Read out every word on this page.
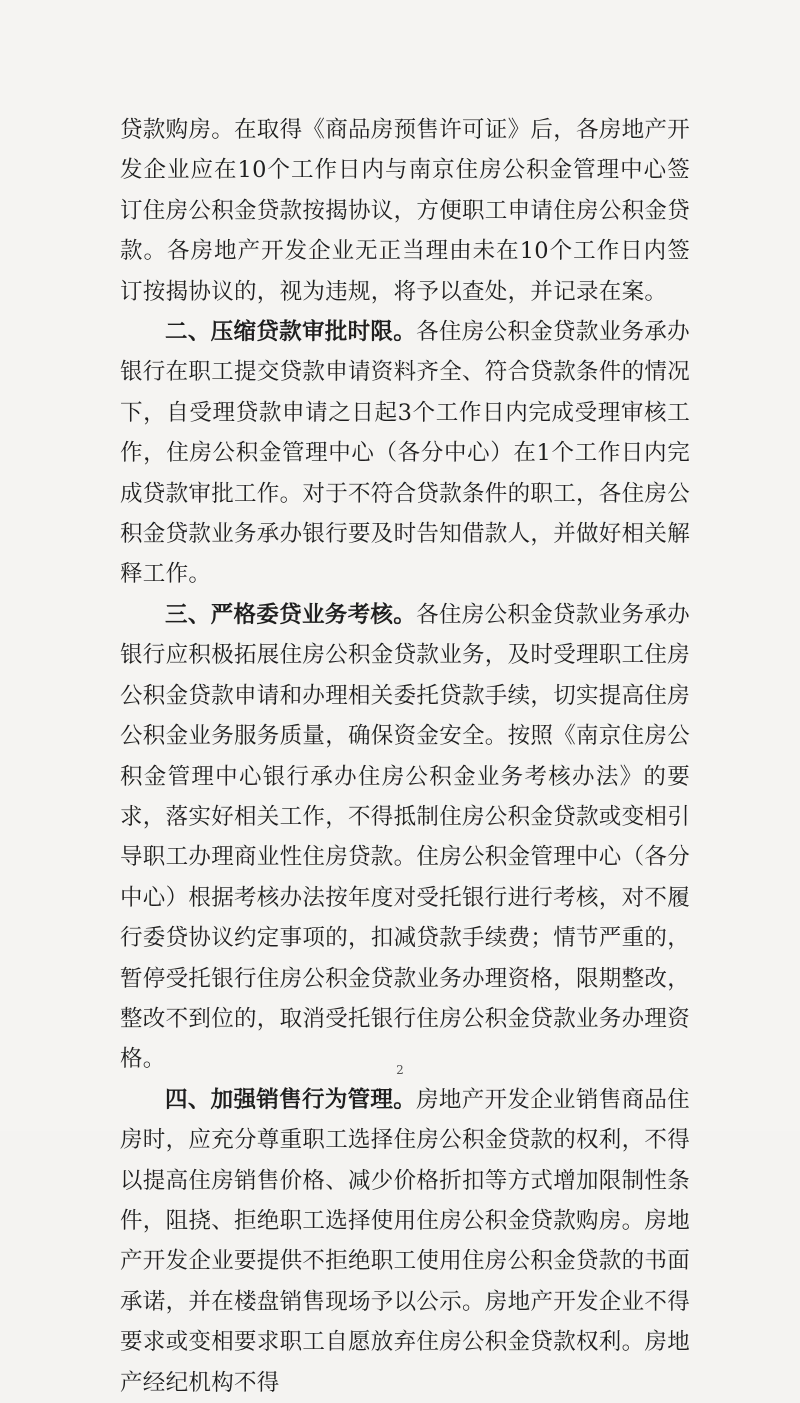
贷款购房。在取得《商品房预售许可证》后，各房地产开发企业应在10个工作日内与南京住房公积金管理中心签订住房公积金贷款按揭协议，方便职工申请住房公积金贷款。各房地产开发企业无正当理由未在10个工作日内签订按揭协议的，视为违规，将予以查处，并记录在案。

二、压缩贷款审批时限。各住房公积金贷款业务承办银行在职工提交贷款申请资料齐全、符合贷款条件的情况下，自受理贷款申请之日起3个工作日内完成受理审核工作，住房公积金管理中心（各分中心）在1个工作日内完成贷款审批工作。对于不符合贷款条件的职工，各住房公积金贷款业务承办银行要及时告知借款人，并做好相关解释工作。

三、严格委贷业务考核。各住房公积金贷款业务承办银行应积极拓展住房公积金贷款业务，及时受理职工住房公积金贷款申请和办理相关委托贷款手续，切实提高住房公积金业务服务质量，确保资金安全。按照《南京住房公积金管理中心银行承办住房公积金业务考核办法》的要求，落实好相关工作，不得抵制住房公积金贷款或变相引导职工办理商业性住房贷款。住房公积金管理中心（各分中心）根据考核办法按年度对受托银行进行考核，对不履行委贷协议约定事项的，扣减贷款手续费；情节严重的，暂停受托银行住房公积金贷款业务办理资格，限期整改，整改不到位的，取消受托银行住房公积金贷款业务办理资格。

四、加强销售行为管理。房地产开发企业销售商品住房时，应充分尊重职工选择住房公积金贷款的权利，不得以提高住房销售价格、减少价格折扣等方式增加限制性条件，阻挠、拒绝职工选择使用住房公积金贷款购房。房地产开发企业要提供不拒绝职工使用住房公积金贷款的书面承诺，并在楼盘销售现场予以公示。房地产开发企业不得要求或变相要求职工自愿放弃住房公积金贷款权利。房地产经纪机构不得

2
